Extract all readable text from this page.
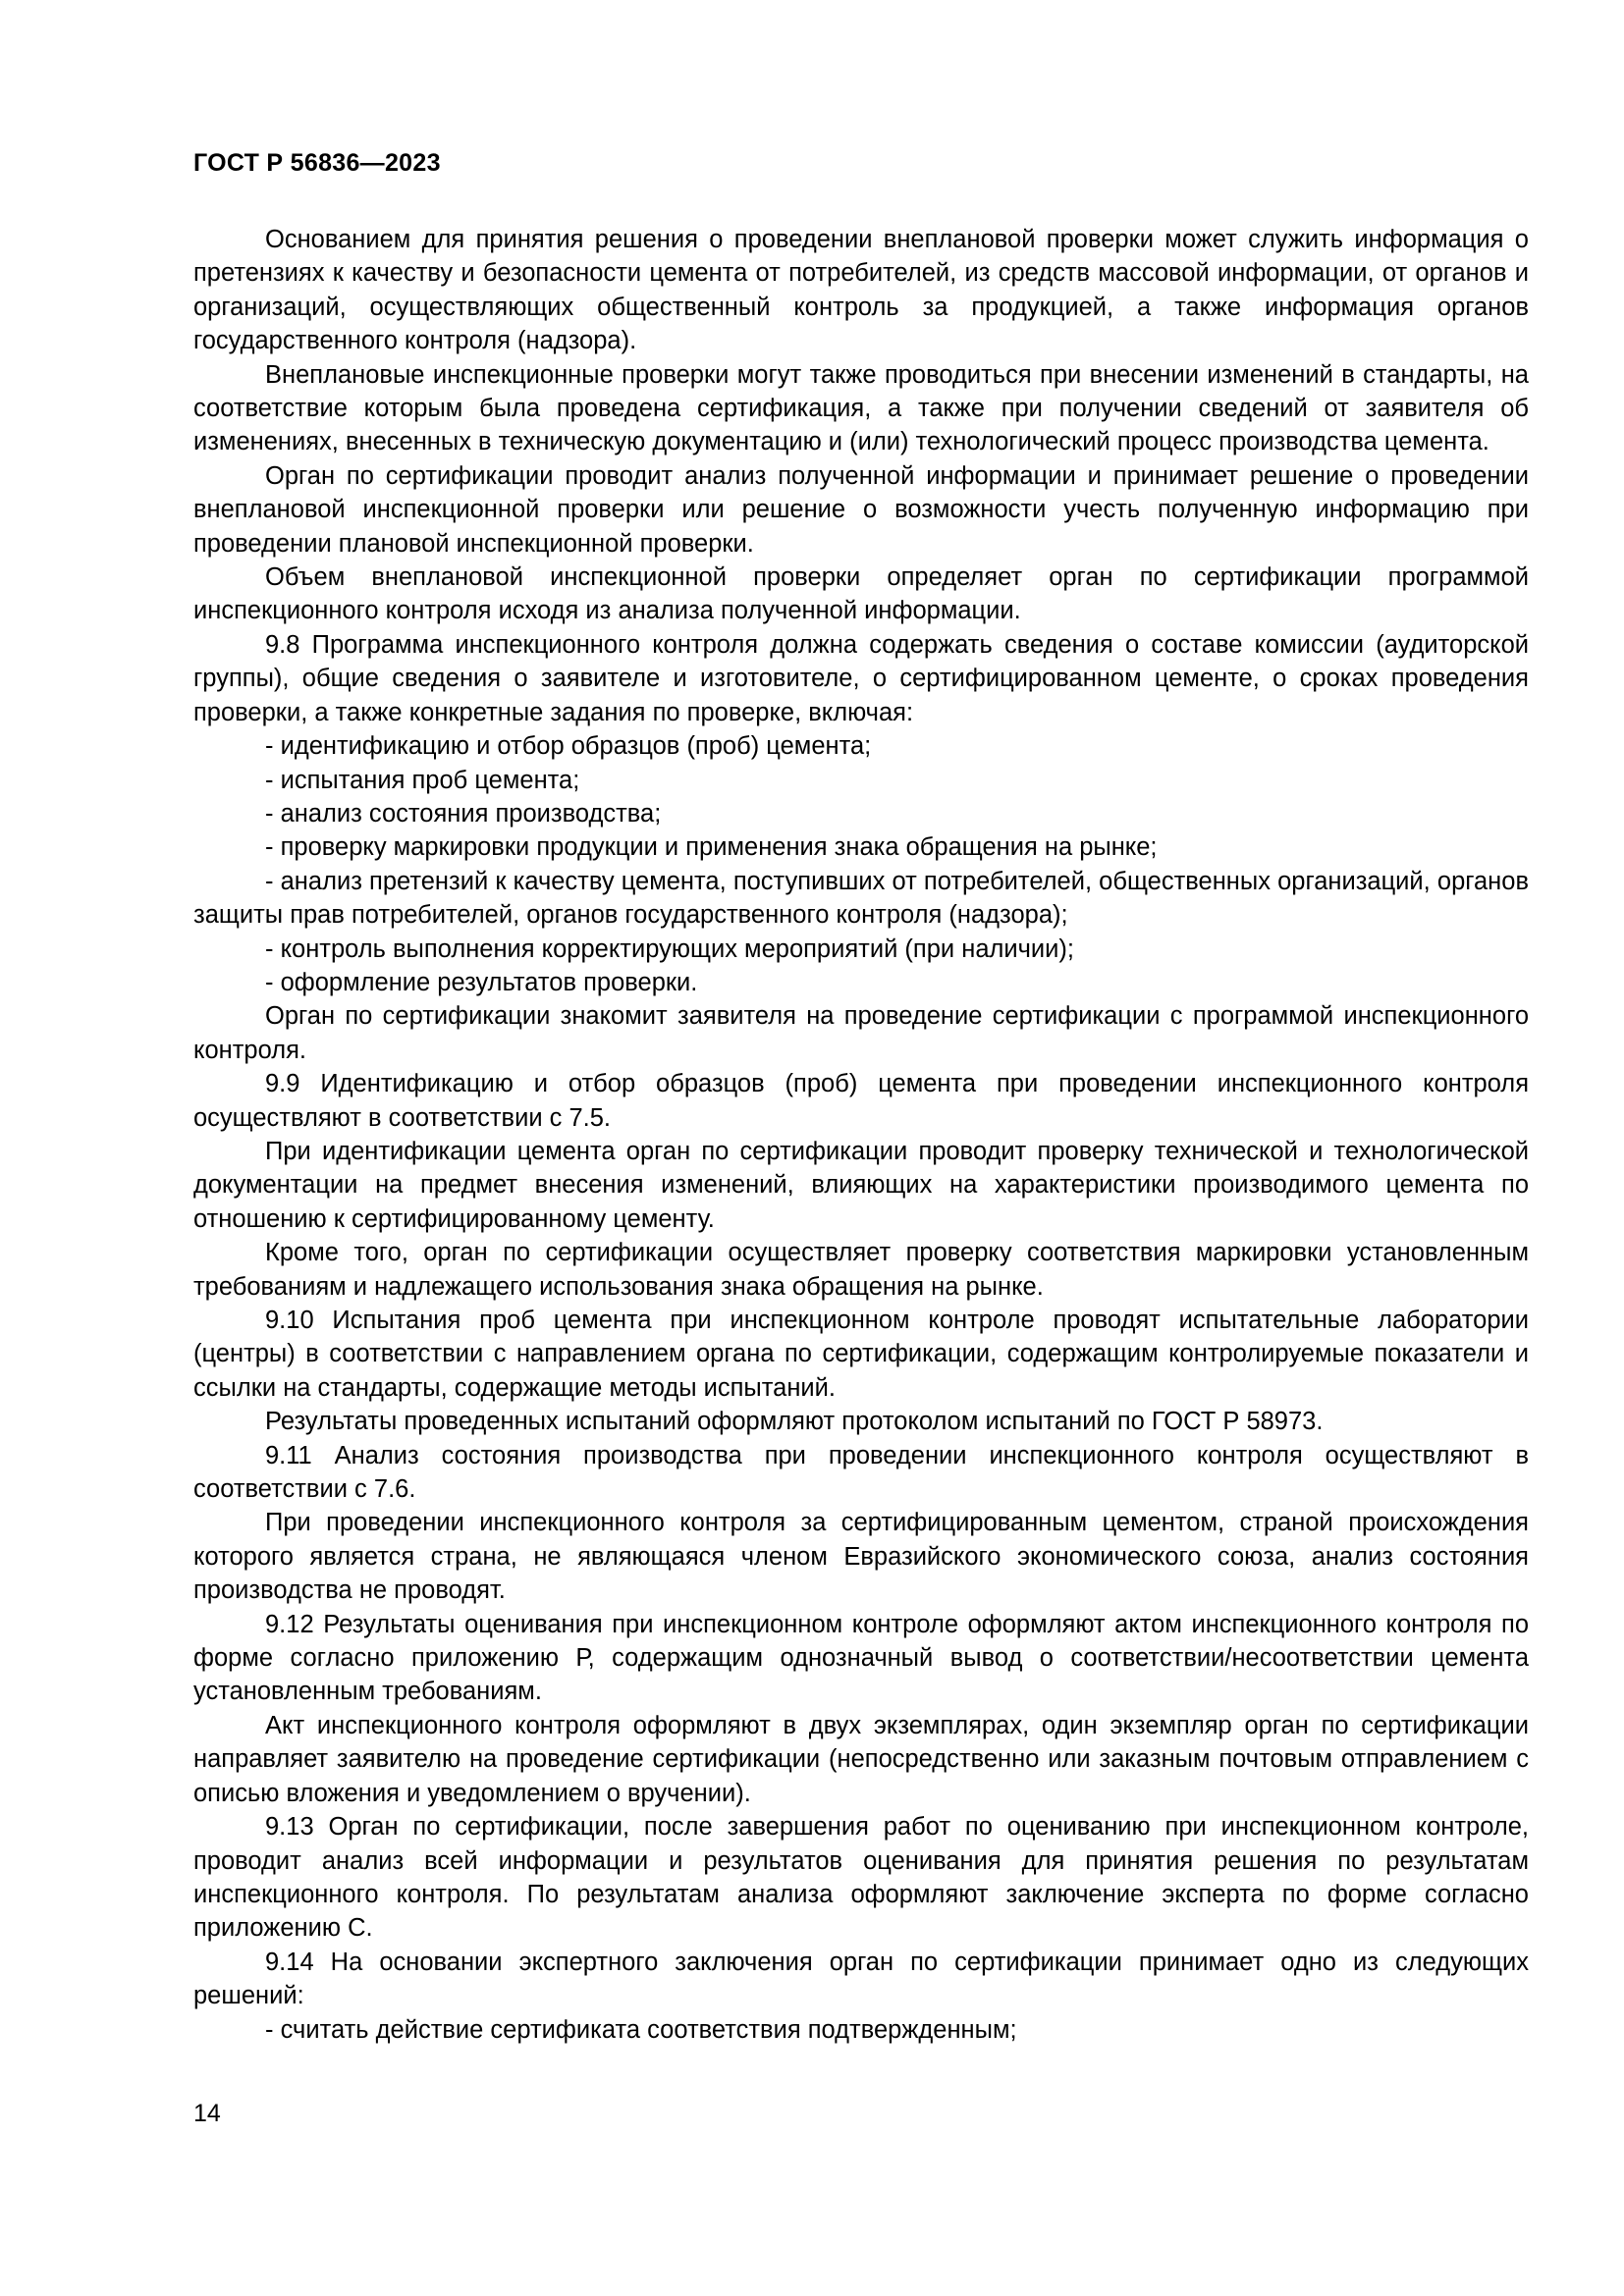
ГОСТ Р 56836—2023

Основанием для принятия решения о проведении внеплановой проверки может служить информация о претензиях к качеству и безопасности цемента от потребителей, из средств массовой информации, от органов и организаций, осуществляющих общественный контроль за продукцией, а также информация органов государственного контроля (надзора).

Внеплановые инспекционные проверки могут также проводиться при внесении изменений в стандарты, на соответствие которым была проведена сертификация, а также при получении сведений от заявителя об изменениях, внесенных в техническую документацию и (или) технологический процесс производства цемента.

Орган по сертификации проводит анализ полученной информации и принимает решение о проведении внеплановой инспекционной проверки или решение о возможности учесть полученную информацию при проведении плановой инспекционной проверки.

Объем внеплановой инспекционной проверки определяет орган по сертификации программой инспекционного контроля исходя из анализа полученной информации.

9.8 Программа инспекционного контроля должна содержать сведения о составе комиссии (аудиторской группы), общие сведения о заявителе и изготовителе, о сертифицированном цементе, о сроках проведения проверки, а также конкретные задания по проверке, включая:

- идентификацию и отбор образцов (проб) цемента;

- испытания проб цемента;

- анализ состояния производства;

- проверку маркировки продукции и применения знака обращения на рынке;

- анализ претензий к качеству цемента, поступивших от потребителей, общественных организаций, органов защиты прав потребителей, органов государственного контроля (надзора);

- контроль выполнения корректирующих мероприятий (при наличии);

- оформление результатов проверки.

Орган по сертификации знакомит заявителя на проведение сертификации с программой инспекционного контроля.

9.9 Идентификацию и отбор образцов (проб) цемента при проведении инспекционного контроля осуществляют в соответствии с 7.5.

При идентификации цемента орган по сертификации проводит проверку технической и технологической документации на предмет внесения изменений, влияющих на характеристики производимого цемента по отношению к сертифицированному цементу.

Кроме того, орган по сертификации осуществляет проверку соответствия маркировки установленным требованиям и надлежащего использования знака обращения на рынке.

9.10 Испытания проб цемента при инспекционном контроле проводят испытательные лаборатории (центры) в соответствии с направлением органа по сертификации, содержащим контролируемые показатели и ссылки на стандарты, содержащие методы испытаний.

Результаты проведенных испытаний оформляют протоколом испытаний по ГОСТ Р 58973.

9.11 Анализ состояния производства при проведении инспекционного контроля осуществляют в соответствии с 7.6.

При проведении инспекционного контроля за сертифицированным цементом, страной происхождения которого является страна, не являющаяся членом Евразийского экономического союза, анализ состояния производства не проводят.

9.12 Результаты оценивания при инспекционном контроле оформляют актом инспекционного контроля по форме согласно приложению Р, содержащим однозначный вывод о соответствии/несоответствии цемента установленным требованиям.

Акт инспекционного контроля оформляют в двух экземплярах, один экземпляр орган по сертификации направляет заявителю на проведение сертификации (непосредственно или заказным почтовым отправлением с описью вложения и уведомлением о вручении).

9.13 Орган по сертификации, после завершения работ по оцениванию при инспекционном контроле, проводит анализ всей информации и результатов оценивания для принятия решения по результатам инспекционного контроля. По результатам анализа оформляют заключение эксперта по форме согласно приложению С.

9.14 На основании экспертного заключения орган по сертификации принимает одно из следующих решений:

- считать действие сертификата соответствия подтвержденным;

14
